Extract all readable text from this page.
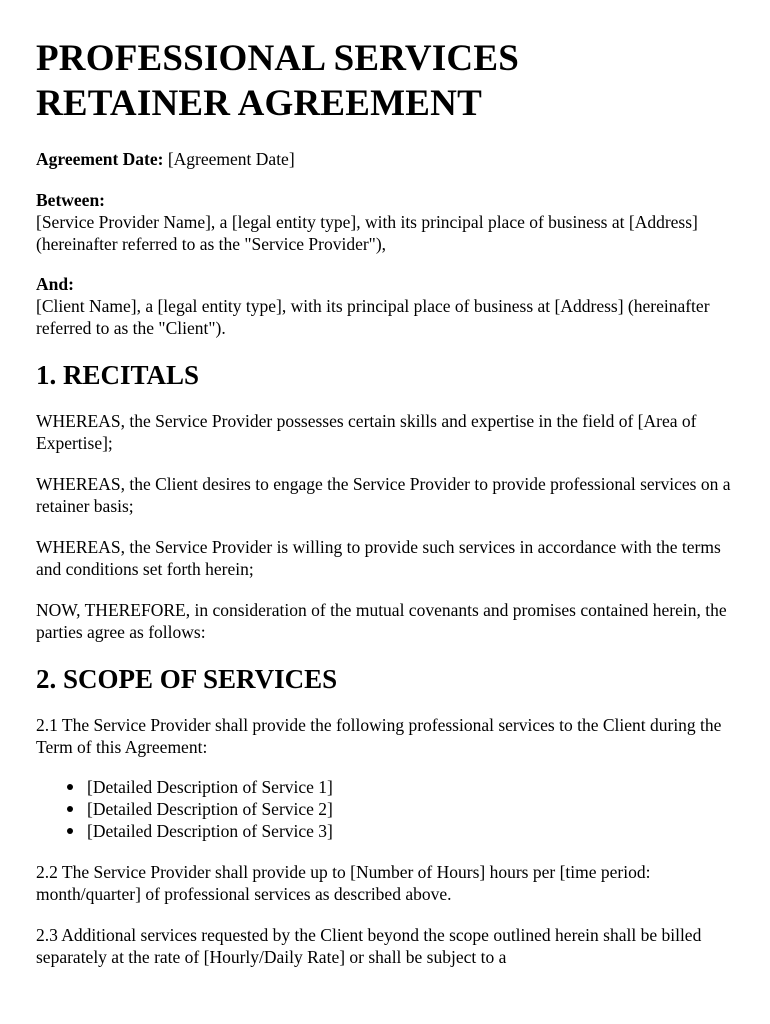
PROFESSIONAL SERVICES
RETAINER AGREEMENT

Agreement Date: [Agreement Date]

Between:
[Service Provider Name], a [legal entity type], with its principal place of business at [Address] (hereinafter referred to as the "Service Provider"),

And:
[Client Name], a [legal entity type], with its principal place of business at [Address] (hereinafter referred to as the "Client").

1. RECITALS

WHEREAS, the Service Provider possesses certain skills and expertise in the field of [Area of Expertise];

WHEREAS, the Client desires to engage the Service Provider to provide professional services on a retainer basis;

WHEREAS, the Service Provider is willing to provide such services in accordance with the terms and conditions set forth herein;

NOW, THEREFORE, in consideration of the mutual covenants and promises contained herein, the parties agree as follows:

2. SCOPE OF SERVICES

2.1 The Service Provider shall provide the following professional services to the Client during the Term of this Agreement:

[Detailed Description of Service 1]
[Detailed Description of Service 2]
[Detailed Description of Service 3]

2.2 The Service Provider shall provide up to [Number of Hours] hours per [time period: month/quarter] of professional services as described above.

2.3 Additional services requested by the Client beyond the scope outlined herein shall be billed separately at the rate of [Hourly/Daily Rate] or shall be subject to a
